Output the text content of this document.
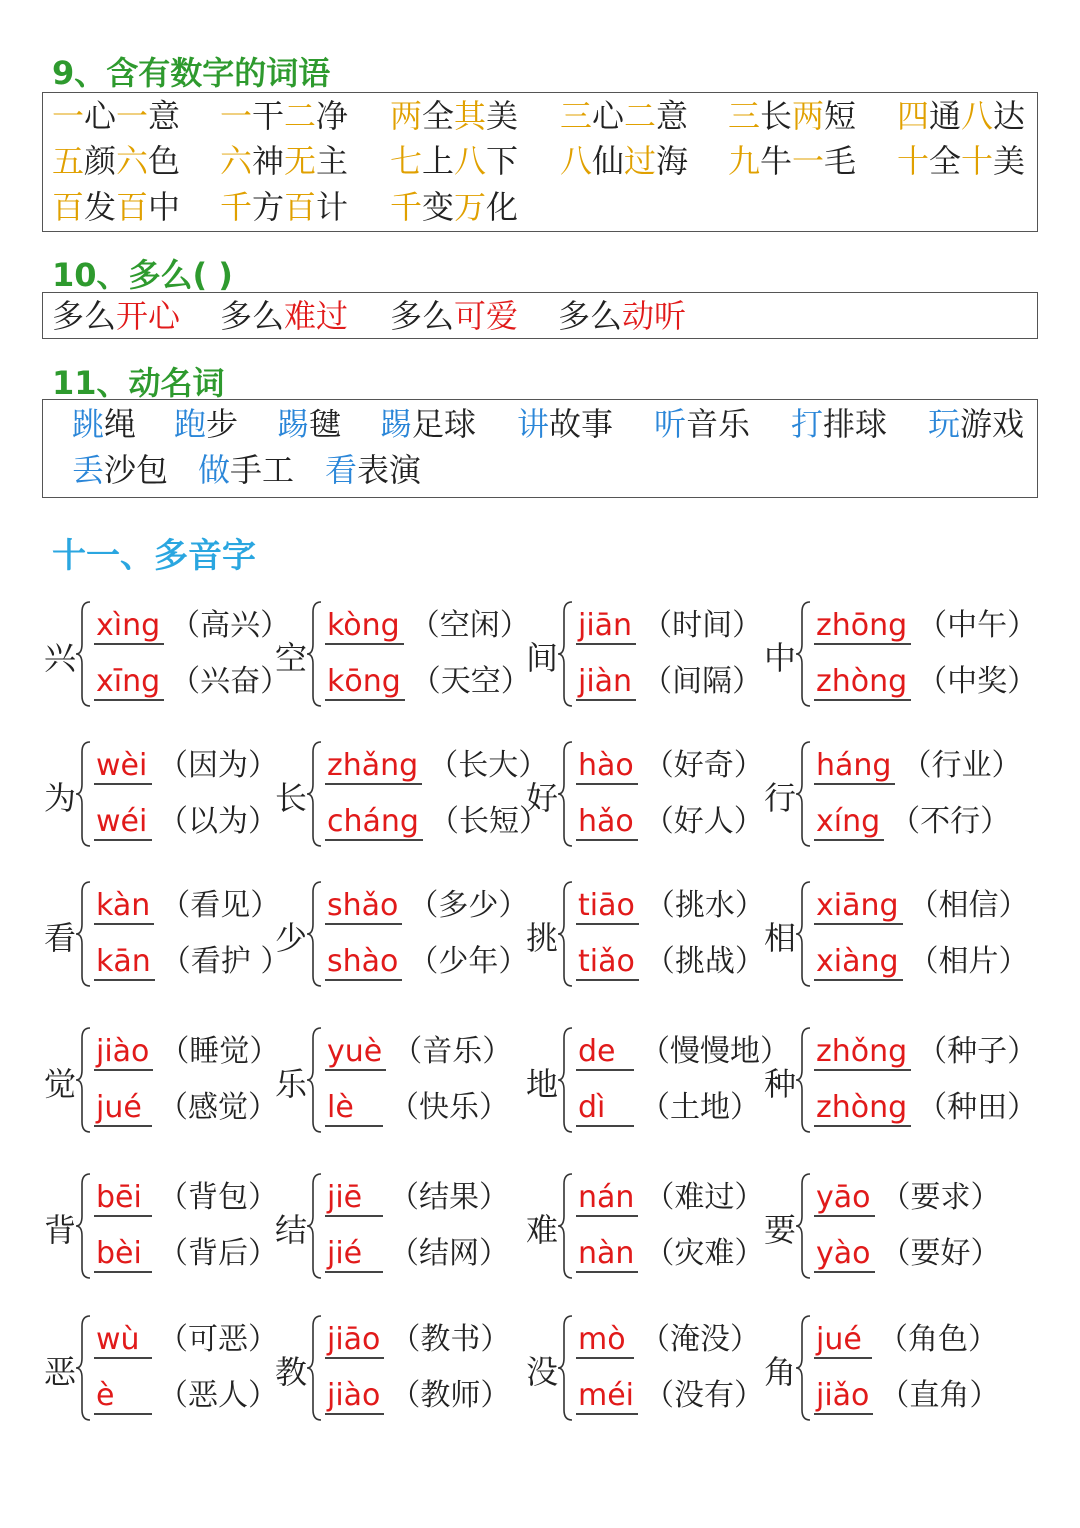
9、含有数字的词语
一心一意 一干二净 两全其美 三心二意 三长两短 四通八达
五颜六色 六神无主 七上八下 八仙过海 九牛一毛 十全十美
百发百中 千方百计 千变万化
10、多么( )
多么开心 多么难过 多么可爱 多么动听
11、动名词
跳绳 跑步 踢毽 踢足球 讲故事 听音乐 打排球 玩游戏
丢沙包 做手工 看表演
十一、多音字
兴
xìng （高兴）
xīng （兴奋）
空
kòng （空闲）
kōng （天空）
间
jiān （时间）
jiàn （间隔）
中
zhōng （中午）
zhòng （中奖）
为
wèi （因为）
wéi （以为）
长
zhǎng （长大）
cháng （长短）
好
hào （好奇）
hǎo （好人）
行
háng （行业）
xíng （不行）
看
kàn （看见）
kān （看护 ）
少
shǎo （多少）
shào （少年）
挑
tiāo （挑水）
tiǎo （挑战）
相
xiāng （相信）
xiàng （相片）
觉
jiào （睡觉）
jué （感觉）
乐
yuè （音乐）
lè （快乐）
地
de （慢慢地）
dì （土地）
种
zhǒng （种子）
zhòng （种田）
背
bēi （背包）
bèi （背后）
结
jiē （结果）
jié （结网）
难
nán （难过）
nàn （灾难）
要
yāo （要求）
yào （要好）
恶
wù （可恶）
è （恶人）
教
jiāo （教书）
jiào （教师）
没
mò （淹没）
méi （没有）
角
jué （角色）
jiǎo （直角）
